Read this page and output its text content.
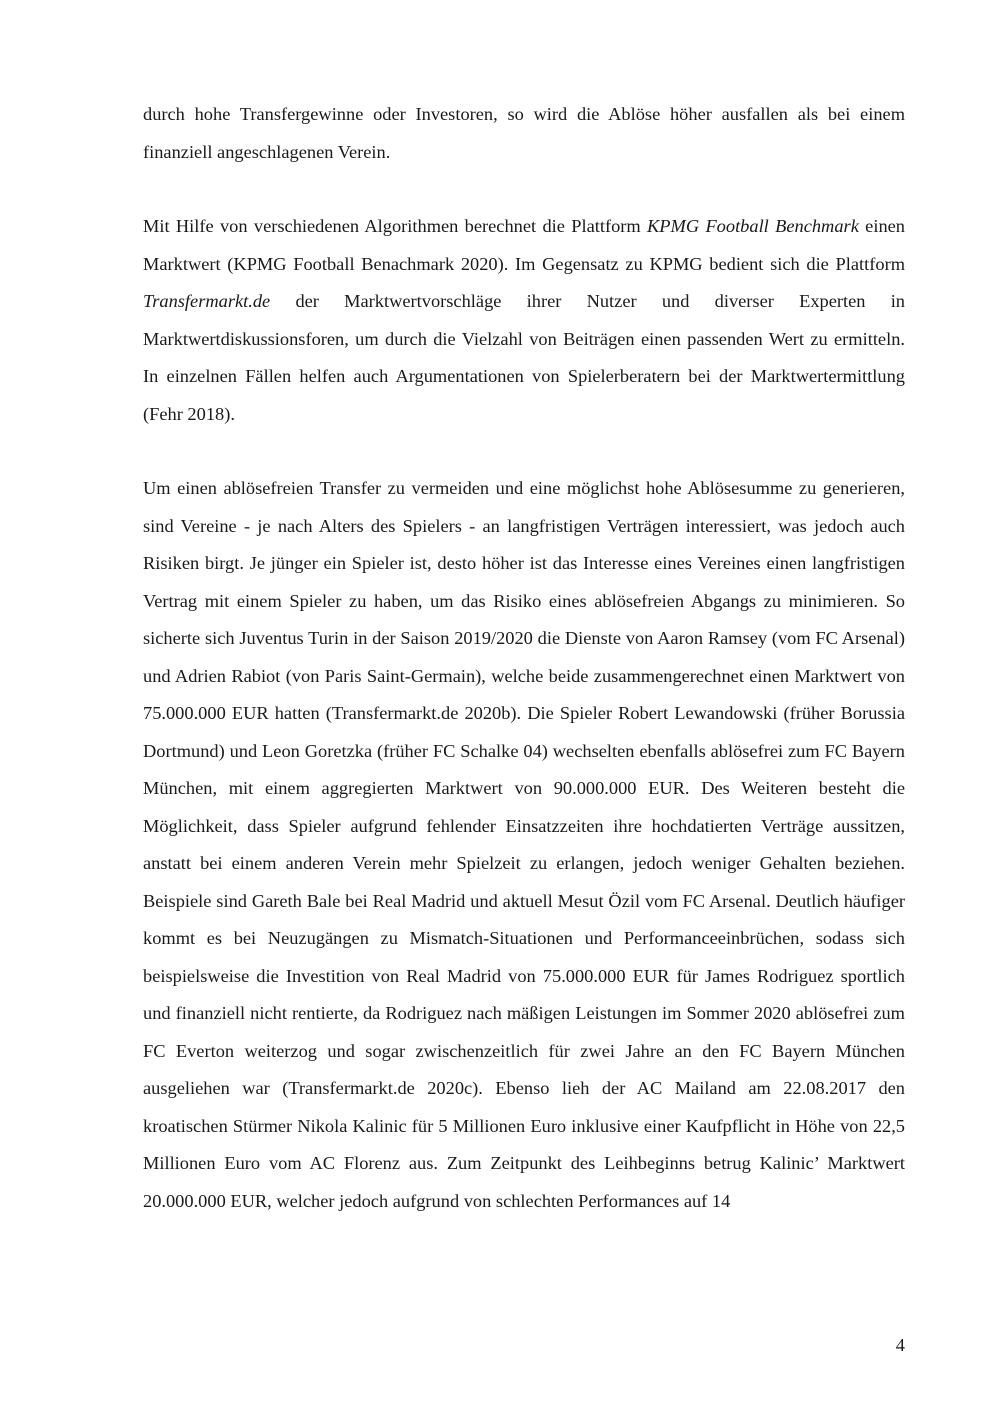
durch hohe Transfergewinne oder Investoren, so wird die Ablöse höher ausfallen als bei einem finanziell angeschlagenen Verein.

Mit Hilfe von verschiedenen Algorithmen berechnet die Plattform KPMG Football Benchmark einen Marktwert (KPMG Football Benachmark 2020). Im Gegensatz zu KPMG bedient sich die Plattform Transfermarkt.de der Marktwertvorschläge ihrer Nutzer und diverser Experten in Marktwertdiskussionsforen, um durch die Vielzahl von Beiträgen einen passenden Wert zu ermitteln. In einzelnen Fällen helfen auch Argumentationen von Spielerberatern bei der Marktwertermittlung (Fehr 2018).

Um einen ablösefreien Transfer zu vermeiden und eine möglichst hohe Ablösesumme zu generieren, sind Vereine - je nach Alters des Spielers - an langfristigen Verträgen interessiert, was jedoch auch Risiken birgt. Je jünger ein Spieler ist, desto höher ist das Interesse eines Vereines einen langfristigen Vertrag mit einem Spieler zu haben, um das Risiko eines ablösefreien Abgangs zu minimieren. So sicherte sich Juventus Turin in der Saison 2019/2020 die Dienste von Aaron Ramsey (vom FC Arsenal) und Adrien Rabiot (von Paris Saint-Germain), welche beide zusammengerechnet einen Marktwert von 75.000.000 EUR hatten (Transfermarkt.de 2020b). Die Spieler Robert Lewandowski (früher Borussia Dortmund) und Leon Goretzka (früher FC Schalke 04) wechselten ebenfalls ablösefrei zum FC Bayern München, mit einem aggregierten Marktwert von 90.000.000 EUR. Des Weiteren besteht die Möglichkeit, dass Spieler aufgrund fehlender Einsatzzeiten ihre hochdatierten Verträge aussitzen, anstatt bei einem anderen Verein mehr Spielzeit zu erlangen, jedoch weniger Gehalten beziehen. Beispiele sind Gareth Bale bei Real Madrid und aktuell Mesut Özil vom FC Arsenal. Deutlich häufiger kommt es bei Neuzugängen zu Mismatch-Situationen und Performanceeinbrüchen, sodass sich beispielsweise die Investition von Real Madrid von 75.000.000 EUR für James Rodriguez sportlich und finanziell nicht rentierte, da Rodriguez nach mäßigen Leistungen im Sommer 2020 ablösefrei zum FC Everton weiterzog und sogar zwischenzeitlich für zwei Jahre an den FC Bayern München ausgeliehen war (Transfermarkt.de 2020c). Ebenso lieh der AC Mailand am 22.08.2017 den kroatischen Stürmer Nikola Kalinic für 5 Millionen Euro inklusive einer Kaufpflicht in Höhe von 22,5 Millionen Euro vom AC Florenz aus. Zum Zeitpunkt des Leihbeginns betrug Kalinic’ Marktwert 20.000.000 EUR, welcher jedoch aufgrund von schlechten Performances auf 14

4
